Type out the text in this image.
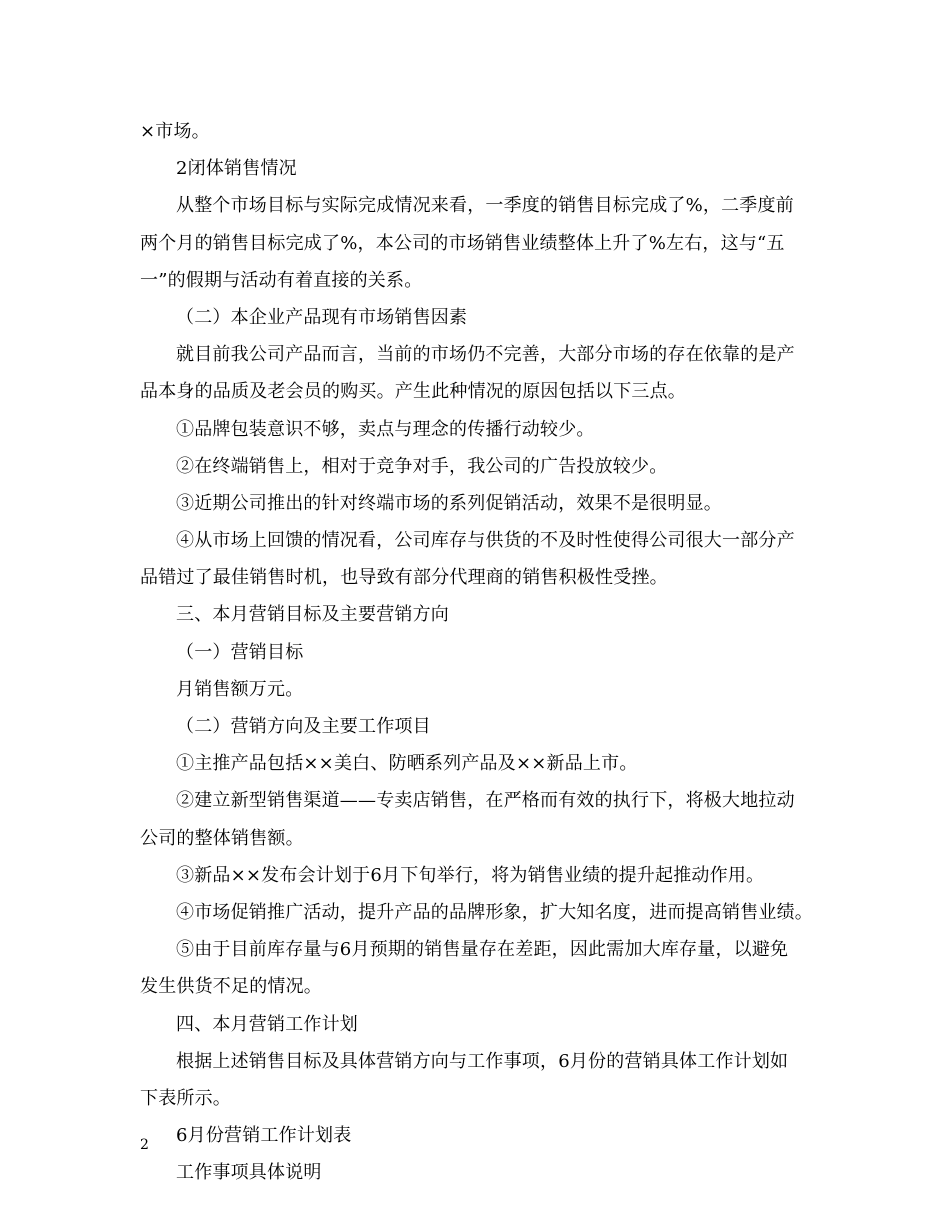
×市场。
2闭体销售情况
从整个市场目标与实际完成情况来看，一季度的销售目标完成了%，二季度前
两个月的销售目标完成了%，本公司的市场销售业绩整体上升了%左右，这与“五
一”的假期与活动有着直接的关系。
（二）本企业产品现有市场销售因素
就目前我公司产品而言，当前的市场仍不完善，大部分市场的存在依靠的是产
品本身的品质及老会员的购买。产生此种情况的原因包括以下三点。
①品牌包装意识不够，卖点与理念的传播行动较少。
②在终端销售上，相对于竞争对手，我公司的广告投放较少。
③近期公司推出的针对终端市场的系列促销活动，效果不是很明显。
④从市场上回馈的情况看，公司库存与供货的不及时性使得公司很大一部分产
品错过了最佳销售时机，也导致有部分代理商的销售积极性受挫。
三、本月营销目标及主要营销方向
（一）营销目标
月销售额万元。
（二）营销方向及主要工作项目
①主推产品包括××美白、防晒系列产品及××新品上市。
②建立新型销售渠道——专卖店销售，在严格而有效的执行下，将极大地拉动
公司的整体销售额。
③新品××发布会计划于6月下旬举行，将为销售业绩的提升起推动作用。
④市场促销推广活动，提升产品的品牌形象，扩大知名度，进而提高销售业绩。
⑤由于目前库存量与6月预期的销售量存在差距，因此需加大库存量，以避免
发生供货不足的情况。
四、本月营销工作计划
根据上述销售目标及具体营销方向与工作事项，6月份的营销具体工作计划如
下表所示。
6月份营销工作计划表
工作事项具体说明
2
